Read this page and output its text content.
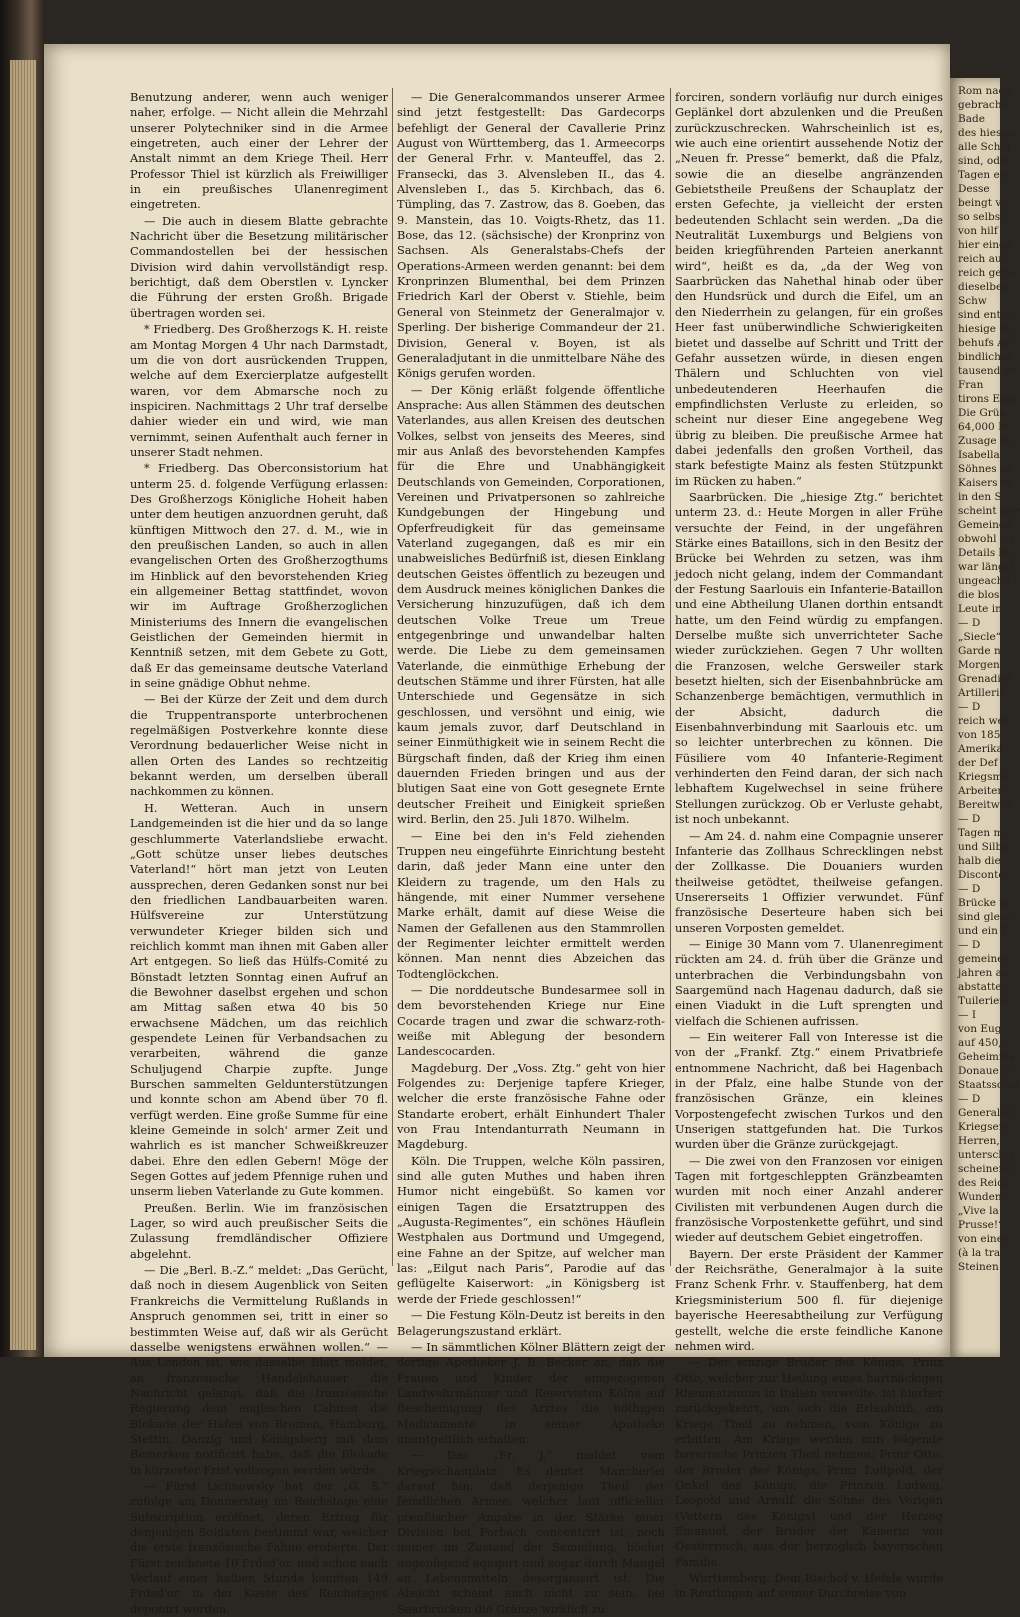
Benutzung anderer, wenn auch weniger naher, erfolge. — Nicht allein die Mehrzahl unserer Polytechniker sind in die Armee eingetreten, auch einer der Lehrer der Anstalt nimmt an dem Kriege Theil. Herr Professor Thiel ist kürzlich als Freiwilliger in ein preußisches Ulanenregiment eingetreten.

— Die auch in diesem Blatte gebrachte Nachricht über die Besetzung militärischer Commandostellen bei der hessischen Division wird dahin vervollständigt resp. berichtigt, daß dem Oberstlen v. Lyncker die Führung der ersten Großh. Brigade übertragen worden sei.

* Friedberg. Des Großherzogs K. H. reiste am Montag Morgen 4 Uhr nach Darmstadt, um die von dort ausrückenden Truppen, welche auf dem Exercierplatze aufgestellt waren, vor dem Abmarsche noch zu inspiciren. Nachmittags 2 Uhr traf derselbe dahier wieder ein und wird, wie man vernimmt, seinen Aufenthalt auch ferner in unserer Stadt nehmen.

* Friedberg. Das Oberconsistorium hat unterm 25. d. folgende Verfügung erlassen: Des Großherzogs Königliche Hoheit haben unter dem heutigen anzuordnen geruht, daß künftigen Mittwoch den 27. d. M., wie in den preußischen Landen, so auch in allen evangelischen Orten des Großherzogthums im Hinblick auf den bevorstehenden Krieg ein allgemeiner Bettag stattfindet, wovon wir im Auftrage Großherzoglichen Ministeriums des Innern die evangelischen Geistlichen der Gemeinden hiermit in Kenntniß setzen, mit dem Gebete zu Gott, daß Er das gemeinsame deutsche Vaterland in seine gnädige Obhut nehme.

— Bei der Kürze der Zeit und dem durch die Truppentransporte unterbrochenen regelmäßigen Postverkehre konnte diese Verordnung bedauerlicher Weise nicht in allen Orten des Landes so rechtzeitig bekannt werden, um derselben überall nachkommen zu können.

H. Wetteran. Auch in unsern Landgemeinden ist die hier und da so lange geschlummerte Vaterlandsliebe erwacht. „Gott schütze unser liebes deutsches Vaterland!“ hört man jetzt von Leuten aussprechen, deren Gedanken sonst nur bei den friedlichen Landbauarbeiten waren. Hülfsvereine zur Unterstützung verwundeter Krieger bilden sich und reichlich kommt man ihnen mit Gaben aller Art entgegen. So ließ das Hülfs-Comité zu Bönstadt letzten Sonntag einen Aufruf an die Bewohner daselbst ergehen und schon am Mittag saßen etwa 40 bis 50 erwachsene Mädchen, um das reichlich gespendete Leinen für Verbandsachen zu verarbeiten, während die ganze Schuljugend Charpie zupfte. Junge Burschen sammelten Geldunterstützungen und konnte schon am Abend über 70 fl. verfügt werden. Eine große Summe für eine kleine Gemeinde in solch' armer Zeit und wahrlich es ist mancher Schweißkreuzer dabei. Ehre den edlen Gebern! Möge der Segen Gottes auf jedem Pfennige ruhen und unserm lieben Vaterlande zu Gute kommen.

Preußen. Berlin. Wie im französischen Lager, so wird auch preußischer Seits die Zulassung fremdländischer Offiziere abgelehnt.

— Die „Berl. B.-Z.“ meldet: „Das Gerücht, daß noch in diesem Augenblick von Seiten Frankreichs die Vermittelung Rußlands in Anspruch genommen sei, tritt in einer so bestimmten Weise auf, daß wir als Gerücht dasselbe wenigstens erwähnen wollen.“ — Aus London ist, wie dasselbe Blatt meldet, an französische Handelshäuser die Nachricht gelangt, daß die französische Regierung dem englischen Cabinet die Blokade der Häfen von Bremen, Hamburg, Stettin, Danzig und Königsberg mit dem Bemerken notificirt habe, daß die Blokade in kürzester Frist vollzogen werden würde.

— Fürst Lichnowsky hat der „G. S.“ zufolge am Donnerstag im Reichstage eine Subscription eröffnet, deren Ertrag für denjenigen Soldaten bestimmt war, welcher die erste französische Fahne eroberte. Der Fürst zeichnete 10 Frdsd'or. und schon nach Verlauf einer halben Stunde konnten 149 Frdsd'or. in der Kasse des Reichstages deponirt werden.

— Die Generalcommandos unserer Armee sind jetzt festgestellt: Das Gardecorps befehligt der General der Cavallerie Prinz August von Württemberg, das 1. Armeecorps der General Frhr. v. Manteuffel, das 2. Fransecki, das 3. Alvensleben II., das 4. Alvensleben I., das 5. Kirchbach, das 6. Tümpling, das 7. Zastrow, das 8. Goeben, das 9. Manstein, das 10. Voigts-Rhetz, das 11. Bose, das 12. (sächsische) der Kronprinz von Sachsen. Als Generalstabs-Chefs der Operations-Armeen werden genannt: bei dem Kronprinzen Blumenthal, bei dem Prinzen Friedrich Karl der Oberst v. Stiehle, beim General von Steinmetz der Generalmajor v. Sperling. Der bisherige Commandeur der 21. Division, General v. Boyen, ist als Generaladjutant in die unmittelbare Nähe des Königs gerufen worden.

— Der König erläßt folgende öffentliche Ansprache: Aus allen Stämmen des deutschen Vaterlandes, aus allen Kreisen des deutschen Volkes, selbst von jenseits des Meeres, sind mir aus Anlaß des bevorstehenden Kampfes für die Ehre und Unabhängigkeit Deutschlands von Gemeinden, Corporationen, Vereinen und Privatpersonen so zahlreiche Kundgebungen der Hingebung und Opferfreudigkeit für das gemeinsame Vaterland zugegangen, daß es mir ein unabweisliches Bedürfniß ist, diesen Einklang deutschen Geistes öffentlich zu bezeugen und dem Ausdruck meines königlichen Dankes die Versicherung hinzuzufügen, daß ich dem deutschen Volke Treue um Treue entgegenbringe und unwandelbar halten werde. Die Liebe zu dem gemeinsamen Vaterlande, die einmüthige Erhebung der deutschen Stämme und ihrer Fürsten, hat alle Unterschiede und Gegensätze in sich geschlossen, und versöhnt und einig, wie kaum jemals zuvor, darf Deutschland in seiner Einmüthigkeit wie in seinem Recht die Bürgschaft finden, daß der Krieg ihm einen dauernden Frieden bringen und aus der blutigen Saat eine von Gott gesegnete Ernte deutscher Freiheit und Einigkeit sprießen wird. Berlin, den 25. Juli 1870. Wilhelm.

— Eine bei den in's Feld ziehenden Truppen neu eingeführte Einrichtung besteht darin, daß jeder Mann eine unter den Kleidern zu tragende, um den Hals zu hängende, mit einer Nummer versehene Marke erhält, damit auf diese Weise die Namen der Gefallenen aus den Stammrollen der Regimenter leichter ermittelt werden können. Man nennt dies Abzeichen das Todtenglöckchen.

— Die norddeutsche Bundesarmee soll in dem bevorstehenden Kriege nur Eine Cocarde tragen und zwar die schwarz-roth-weiße mit Ablegung der besondern Landescocarden.

Magdeburg. Der „Voss. Ztg.“ geht von hier Folgendes zu: Derjenige tapfere Krieger, welcher die erste französische Fahne oder Standarte erobert, erhält Einhundert Thaler von Frau Intendanturrath Neumann in Magdeburg.

Köln. Die Truppen, welche Köln passiren, sind alle guten Muthes und haben ihren Humor nicht eingebüßt. So kamen vor einigen Tagen die Ersatztruppen des „Augusta-Regimentes“, ein schönes Häuflein Westphalen aus Dortmund und Umgegend, eine Fahne an der Spitze, auf welcher man las: „Eilgut nach Paris“, Parodie auf das geflügelte Kaiserwort: „in Königsberg ist werde der Friede geschlossen!“

— Die Festung Köln-Deutz ist bereits in den Belagerungszustand erklärt.

— In sämmtlichen Kölner Blättern zeigt der dortige Apotheker J. B. Becker an, daß die Frauen und Kinder der eingezogenen Landwehrmänner und Reservisten Kölns auf Bescheinigung des Arztes die nöthigen Medicamente in seiner Apotheke unentgeltlich erhalten.

— Das „Fr. J.“ meldet vom Kriegsschauplatz: Es deutet Mancherlei darauf hin, daß derjenige Theil der feindlichen Armee, welcher laut officieller preußischer Angabe in der Stärke einer Division bei Forbach concentrirt ist, noch immer im Zustand der Sammlung, höchst ungenügend equipirt und sogar durch Mangel an Lebensmitteln desorganisirt ist. Die Absicht scheint auch nicht zu sein, bei Saarbrücken die Gränze wirklich zu

forciren, sondern vorläufig nur durch einiges Geplänkel dort abzulenken und die Preußen zurückzuschrecken. Wahrscheinlich ist es, wie auch eine orientirt aussehende Notiz der „Neuen fr. Presse“ bemerkt, daß die Pfalz, sowie die an dieselbe angränzenden Gebietstheile Preußens der Schauplatz der ersten Gefechte, ja vielleicht der ersten bedeutenden Schlacht sein werden. „Da die Neutralität Luxemburgs und Belgiens von beiden kriegführenden Parteien anerkannt wird“, heißt es da, „da der Weg von Saarbrücken das Nahethal hinab oder über den Hundsrück und durch die Eifel, um an den Niederrhein zu gelangen, für ein großes Heer fast unüberwindliche Schwierigkeiten bietet und dasselbe auf Schritt und Tritt der Gefahr aussetzen würde, in diesen engen Thälern und Schluchten von viel unbedeutenderen Heerhaufen die empfindlichsten Verluste zu erleiden, so scheint nur dieser Eine angegebene Weg übrig zu bleiben. Die preußische Armee hat dabei jedenfalls den großen Vortheil, das stark befestigte Mainz als festen Stützpunkt im Rücken zu haben.“

Saarbrücken. Die „hiesige Ztg.“ berichtet unterm 23. d.: Heute Morgen in aller Frühe versuchte der Feind, in der ungefähren Stärke eines Bataillons, sich in den Besitz der Brücke bei Wehrden zu setzen, was ihm jedoch nicht gelang, indem der Commandant der Festung Saarlouis ein Infanterie-Bataillon und eine Abtheilung Ulanen dorthin entsandt hatte, um den Feind würdig zu empfangen. Derselbe mußte sich unverrichteter Sache wieder zurückziehen. Gegen 7 Uhr wollten die Franzosen, welche Gersweiler stark besetzt hielten, sich der Eisenbahnbrücke am Schanzenberge bemächtigen, vermuthlich in der Absicht, dadurch die Eisenbahnverbindung mit Saarlouis etc. um so leichter unterbrechen zu können. Die Füsiliere vom 40 Infanterie-Regiment verhinderten den Feind daran, der sich nach lebhaftem Kugelwechsel in seine frühere Stellungen zurückzog. Ob er Verluste gehabt, ist noch unbekannt.

— Am 24. d. nahm eine Compagnie unserer Infanterie das Zollhaus Schrecklingen nebst der Zollkasse. Die Douaniers wurden theilweise getödtet, theilweise gefangen. Unsererseits 1 Offizier verwundet. Fünf französische Deserteure haben sich bei unseren Vorposten gemeldet.

— Einige 30 Mann vom 7. Ulanenregiment rückten am 24. d. früh über die Gränze und unterbrachen die Verbindungsbahn von Saargemünd nach Hagenau dadurch, daß sie einen Viadukt in die Luft sprengten und vielfach die Schienen aufrissen.

— Ein weiterer Fall von Interesse ist die von der „Frankf. Ztg.“ einem Privatbriefe entnommene Nachricht, daß bei Hagenbach in der Pfalz, eine halbe Stunde von der französischen Gränze, ein kleines Vorpostengefecht zwischen Turkos und den Unserigen stattgefunden hat. Die Turkos wurden über die Gränze zurückgejagt.

— Die zwei von den Franzosen vor einigen Tagen mit fortgeschleppten Gränzbeamten wurden mit noch einer Anzahl anderer Civilisten mit verbundenen Augen durch die französische Vorpostenkette geführt, und sind wieder auf deutschem Gebiet eingetroffen.

Bayern. Der erste Präsident der Kammer der Reichsräthe, Generalmajor à la suite Franz Schenk Frhr. v. Stauffenberg, hat dem Kriegsministerium 500 fl. für diejenige bayerische Heeresabtheilung zur Verfügung gestellt, welche die erste feindliche Kanone nehmen wird.

— Der einzige Bruder des Königs, Prinz Otto, welcher zur Heilung eines hartnäckigen Rheumatismus in Italien verweilte, ist hierher zurückgekehrt, um sich die Erlaubniß, am Kriege Theil zu nehmen, vom Könige zu erbitten. Am Kriege werden nun folgende bayerische Prinzen Theil nehmen: Prinz Otto, der Bruder des Königs; Prinz Luitpold, der Onkel des Königs; die Prinzen Ludwig, Leopold und Arnulf, die Söhne des Vorigen (Vettern des Königs) und der Herzog Emanuel, der Bruder der Kaiserin von Oesterreich, aus der herzoglich bayerischen Familie.

Württemberg. Dem Bischof v. Hefele wurde in Reutlingen auf seiner Durchreise von

Rom nach
gebracht.
Bade
des hiesige
alle Schül
sind, oder
Tagen erl
Desse
beingt vo
so selbst
von hilf
hier einge
reich auf
reich gege
dieselben
Schw
sind entbu
hiesige de
behufs An
bindlichen
tausend Fr
Fran
tirons Engl
Die Grün
64,000 M
Zusage de
Isabella,
Söhnes au
Kaisers m
in den S
scheint wer
Gemeinde
obwohl sie
Details be
war längst
ungeachtet
die blos
Leute in
— D
„Siecle“
Garde n
Morgen
Grenadier
Artillerie
— D
reich wer
von 185
Amerika
der Def
Kriegsmi
Arbeiten
Bereitwilli
— D
Tagen m
und Silbe
halb die
Discontor
— D
Brücke w
sind gleich
und ein T
— D
gemeinen
jahren ab
abstatten.
Tuilerien
— I
von Eug
auf 450,0
Geheimnis
Donaue in
Staatsschul
— D
Generalen
Kriegserl
Herren,
unterschri
scheinen g
des Reich
Wunden,
„Vive la
Prusse!“
von einer
(à la tra
Steinen
